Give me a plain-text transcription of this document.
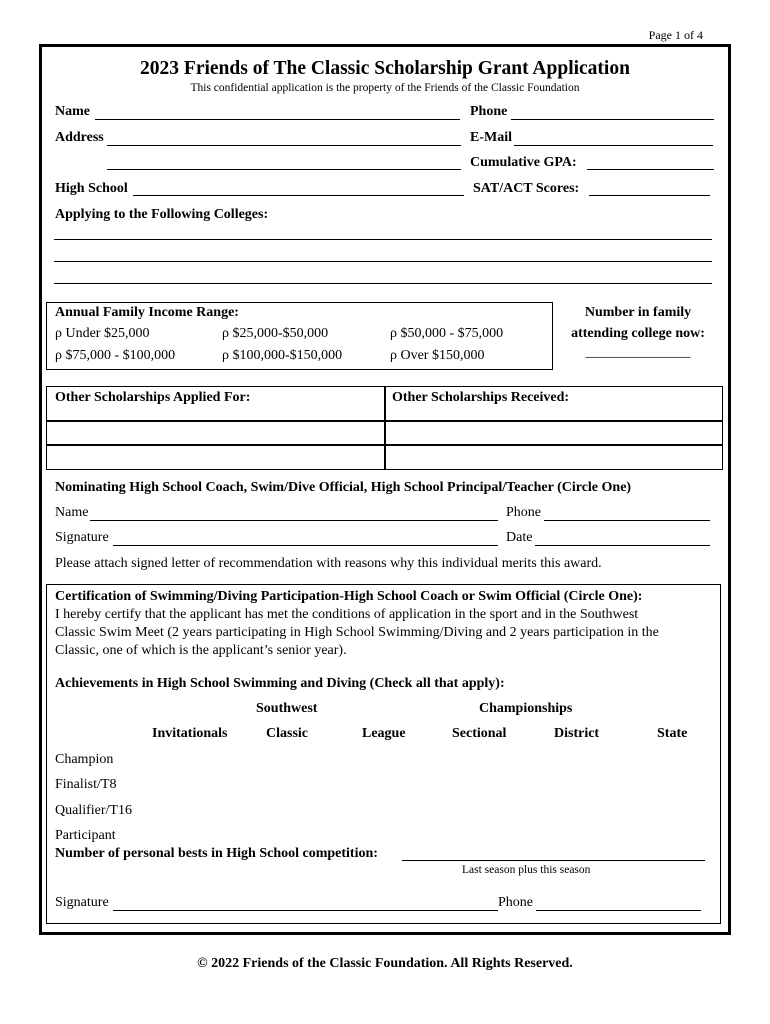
Page 1 of 4
2023 Friends of The Classic Scholarship Grant Application
This confidential application is the property of the Friends of the Classic Foundation
Name	Phone
Address	E-Mail
Cumulative GPA:
High School	SAT/ACT Scores:
Applying to the Following Colleges:
Annual Family Income Range:
ρ Under $25,000	ρ $25,000-$50,000	ρ $50,000 - $75,000
ρ $75,000 - $100,000	ρ $100,000-$150,000	ρ Over $150,000
Number in family
attending college now:
_______________
Other Scholarships Applied For:	Other Scholarships Received:
Nominating High School Coach, Swim/Dive Official, High School Principal/Teacher (Circle One)
Name	Phone
Signature	Date
Please attach signed letter of recommendation with reasons why this individual merits this award.
Certification of Swimming/Diving Participation-High School Coach or Swim Official (Circle One):
I hereby certify that the applicant has met the conditions of application in the sport and in the Southwest
Classic Swim Meet (2 years participating in High School Swimming/Diving and 2 years participation in the
Classic, one of which is the applicant’s senior year).
Achievements in High School Swimming and Diving (Check all that apply):
Southwest	Championships
Invitationals	Classic	League	Sectional	District	State
Champion
Finalist/T8
Qualifier/T16
Participant
Number of personal bests in High School competition:
Last season plus this season
Signature	Phone
© 2022 Friends of the Classic Foundation. All Rights Reserved.
